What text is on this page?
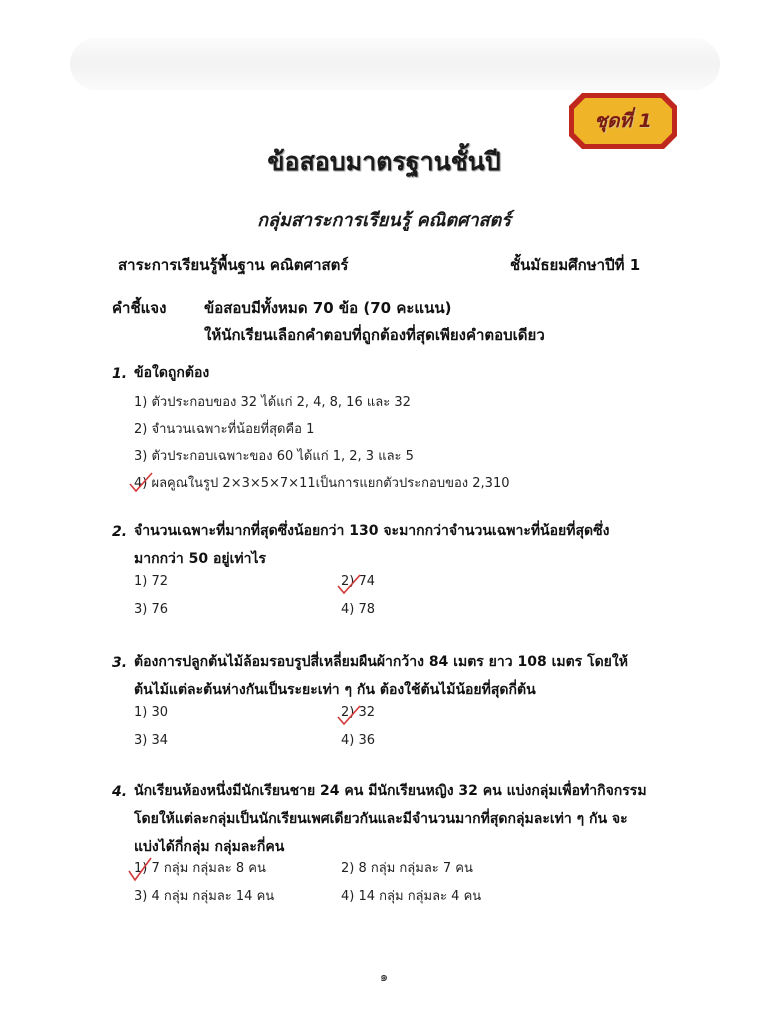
ชุดที่ 1
ข้อสอบมาตรฐานชั้นปี
กลุ่มสาระการเรียนรู้ คณิตศาสตร์
สาระการเรียนรู้พื้นฐาน คณิตศาสตร์	ชั้นมัธยมศึกษาปีที่ 1
คำชี้แจง	ข้อสอบมีทั้งหมด 70 ข้อ (70 คะแนน)
ให้นักเรียนเลือกคำตอบที่ถูกต้องที่สุดเพียงคำตอบเดียว
1. ข้อใดถูกต้อง
1) ตัวประกอบของ 32 ได้แก่ 2, 4, 8, 16 และ 32
2) จำนวนเฉพาะที่น้อยที่สุดคือ 1
3) ตัวประกอบเฉพาะของ 60 ได้แก่ 1, 2, 3 และ 5
4) ผลคูณในรูป 2×3×5×7×11เป็นการแยกตัวประกอบของ 2,310
2. จำนวนเฉพาะที่มากที่สุดซึ่งน้อยกว่า 130 จะมากกว่าจำนวนเฉพาะที่น้อยที่สุดซึ่ง
มากกว่า 50 อยู่เท่าไร
1) 72	2) 74
3) 76	4) 78
3. ต้องการปลูกต้นไม้ล้อมรอบรูปสี่เหลี่ยมผืนผ้ากว้าง 84 เมตร ยาว 108 เมตร โดยให้
ต้นไม้แต่ละต้นห่างกันเป็นระยะเท่า ๆ กัน ต้องใช้ต้นไม้น้อยที่สุดกี่ต้น
1) 30	2) 32
3) 34	4) 36
4. นักเรียนห้องหนึ่งมีนักเรียนชาย 24 คน มีนักเรียนหญิง 32 คน แบ่งกลุ่มเพื่อทำกิจกรรม
โดยให้แต่ละกลุ่มเป็นนักเรียนเพศเดียวกันและมีจำนวนมากที่สุดกลุ่มละเท่า ๆ กัน จะ
แบ่งได้กี่กลุ่ม กลุ่มละกี่คน
1) 7 กลุ่ม กลุ่มละ 8 คน	2) 8 กลุ่ม กลุ่มละ 7 คน
3) 4 กลุ่ม กลุ่มละ 14 คน	4) 14 กลุ่ม กลุ่มละ 4 คน
๑
